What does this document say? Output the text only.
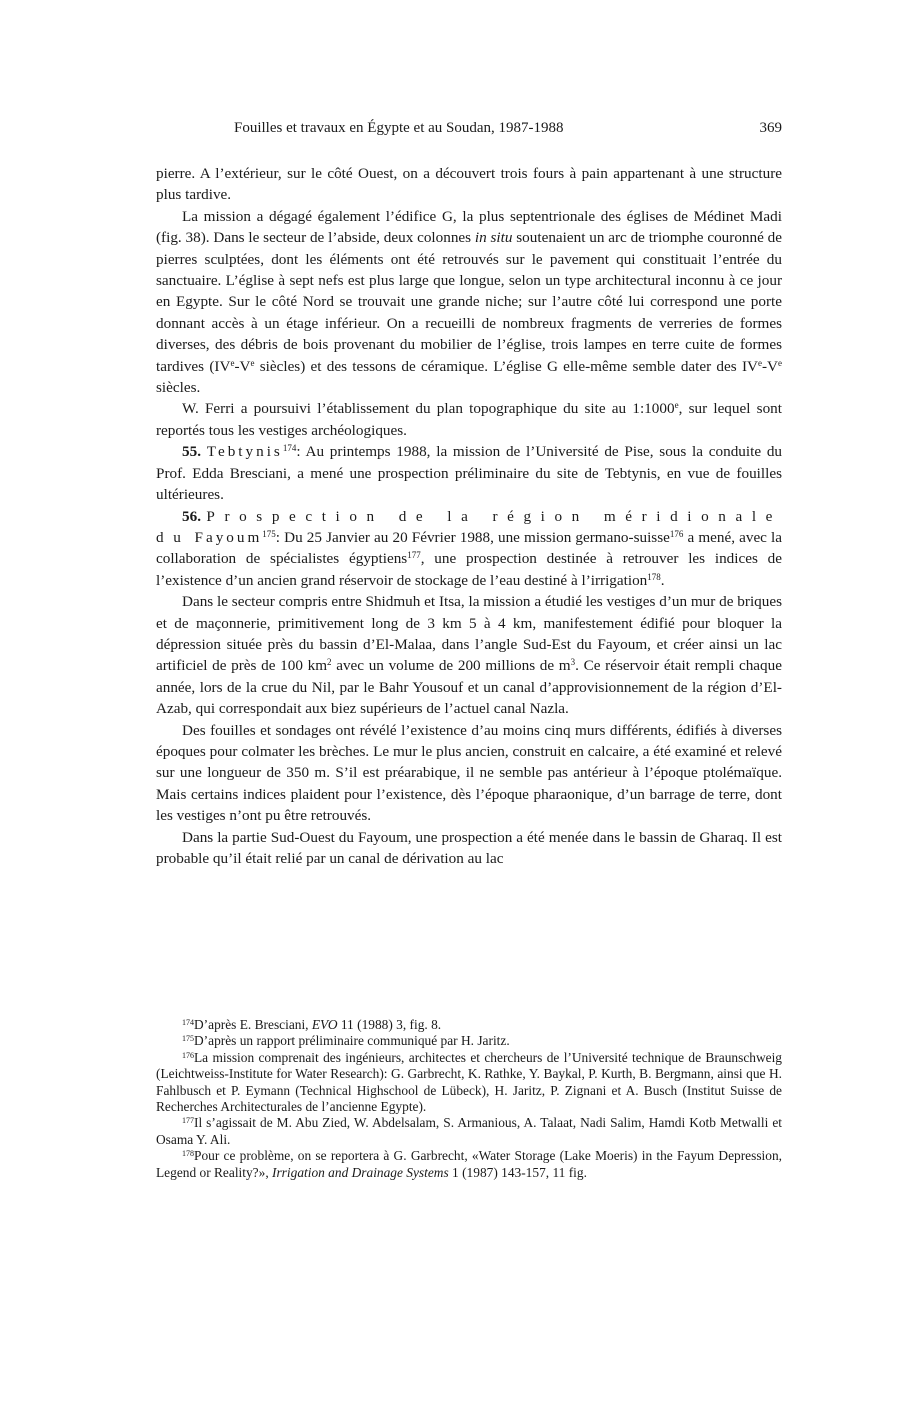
Fouilles et travaux en Égypte et au Soudan, 1987-1988	369

pierre. A l’extérieur, sur le côté Ouest, on a découvert trois fours à pain appartenant à une structure plus tardive.

La mission a dégagé également l’édifice G, la plus septentrionale des églises de Médinet Madi (fig. 38). Dans le secteur de l’abside, deux colonnes in situ soutenaient un arc de triomphe couronné de pierres sculptées, dont les éléments ont été retrouvés sur le pavement qui constituait l’entrée du sanctuaire. L’église à sept nefs est plus large que longue, selon un type architectural inconnu à ce jour en Egypte. Sur le côté Nord se trouvait une grande niche; sur l’autre côté lui correspond une porte donnant accès à un étage inférieur. On a recueilli de nombreux fragments de verreries de formes diverses, des débris de bois provenant du mobilier de l’église, trois lampes en terre cuite de formes tardives (IVe-Ve siècles) et des tessons de céramique. L’église G elle-même semble dater des IVe-Ve siècles.

W. Ferri a poursuivi l’établissement du plan topographique du site au 1:1000e, sur lequel sont reportés tous les vestiges archéologiques.

55. Tebtynis$^{174}$: Au printemps 1988, la mission de l’Université de Pise, sous la conduite du Prof. Edda Bresciani, a mené une prospection préliminaire du site de Tebtynis, en vue de fouilles ultérieures.

56. Prospection de la région méridionale du Fayoum$^{175}$: Du 25 Janvier au 20 Février 1988, une mission germano-suisse$^{176}$ a mené, avec la collaboration de spécialistes égyptiens$^{177}$, une prospection destinée à retrouver les indices de l’existence d’un ancien grand réservoir de stockage de l’eau destiné à l’irrigation$^{178}$.

Dans le secteur compris entre Shidmuh et Itsa, la mission a étudié les vestiges d’un mur de briques et de maçonnerie, primitivement long de 3 km 5 à 4 km, manifestement édifié pour bloquer la dépression située près du bassin d’El-Malaa, dans l’angle Sud-Est du Fayoum, et créer ainsi un lac artificiel de près de 100 $km^2$ avec un volume de 200 millions de $m^3$. Ce réservoir était rempli chaque année, lors de la crue du Nil, par le Bahr Yousouf et un canal d’approvisionnement de la région d’El-Azab, qui correspondait aux biez supérieurs de l’actuel canal Nazla.

Des fouilles et sondages ont révélé l’existence d’au moins cinq murs différents, édifiés à diverses époques pour colmater les brèches. Le mur le plus ancien, construit en calcaire, a été examiné et relevé sur une longueur de 350 m. S’il est préarabique, il ne semble pas antérieur à l’époque ptolémaïque. Mais certains indices plaident pour l’existence, dès l’époque pharaonique, d’un barrage de terre, dont les vestiges n’ont pu être retrouvés.

Dans la partie Sud-Ouest du Fayoum, une prospection a été menée dans le bassin de Gharaq. Il est probable qu’il était relié par un canal de dérivation au lac

$^{174}$D’après E. Bresciani, EVO 11 (1988) 3, fig. 8.

$^{175}$D’après un rapport préliminaire communiqué par H. Jaritz.

$^{176}$La mission comprenait des ingénieurs, architectes et chercheurs de l’Université technique de Braunschweig (Leichtweiss-Institute for Water Research): G. Garbrecht, K. Rathke, Y. Baykal, P. Kurth, B. Bergmann, ainsi que H. Fahlbusch et P. Eymann (Technical Highschool de Lübeck), H. Jaritz, P. Zignani et A. Busch (Institut Suisse de Recherches Architecturales de l’ancienne Egypte).

$^{177}$Il s’agissait de M. Abu Zied, W. Abdelsalam, S. Armanious, A. Talaat, Nadi Salim, Hamdi Kotb Metwalli et Osama Y. Ali.

$^{178}$Pour ce problème, on se reportera à G. Garbrecht, «Water Storage (Lake Moeris) in the Fayum Depression, Legend or Reality?», Irrigation and Drainage Systems 1 (1987) 143-157, 11 fig.
